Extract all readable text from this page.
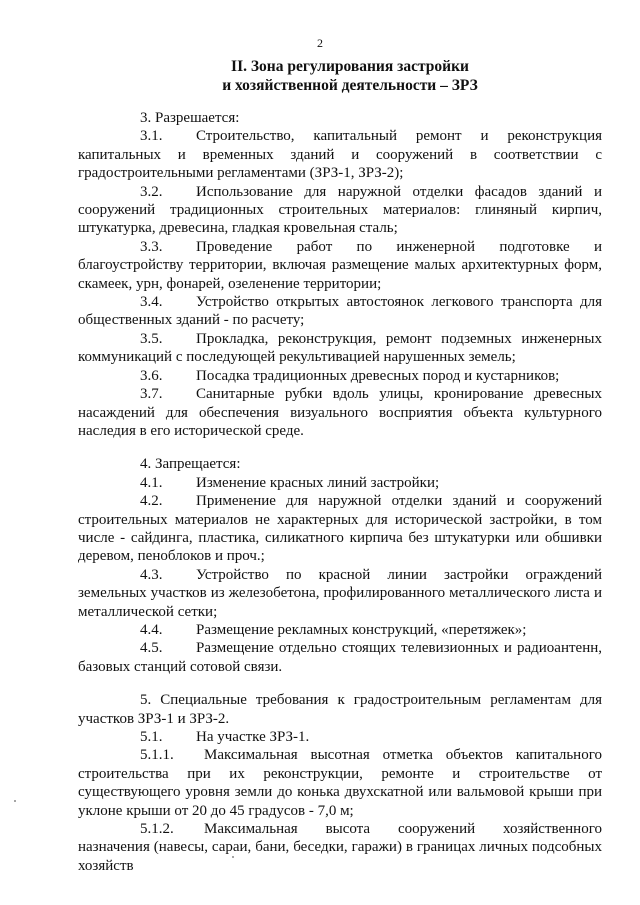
2
II. Зона регулирования застройки
и хозяйственной деятельности – ЗРЗ

3. Разрешается:

3.1. Строительство, капитальный ремонт и реконструкция капитальных и временных зданий и сооружений в соответствии с градостроительными регламентами (ЗРЗ-1, ЗРЗ-2);

3.2. Использование для наружной отделки фасадов зданий и сооружений традиционных строительных материалов: глиняный кирпич, штукатурка, древесина, гладкая кровельная сталь;

3.3. Проведение работ по инженерной подготовке и благоустройству территории, включая размещение малых архитектурных форм, скамеек, урн, фонарей, озеленение территории;

3.4. Устройство открытых автостоянок легкового транспорта для общественных зданий - по расчету;

3.5. Прокладка, реконструкция, ремонт подземных инженерных коммуникаций с последующей рекультивацией нарушенных земель;

3.6. Посадка традиционных древесных пород и кустарников;

3.7. Санитарные рубки вдоль улицы, кронирование древесных насаждений для обеспечения визуального восприятия объекта культурного наследия в его исторической среде.

4. Запрещается:

4.1. Изменение красных линий застройки;

4.2. Применение для наружной отделки зданий и сооружений строительных материалов не характерных для исторической застройки, в том числе - сайдинга, пластика, силикатного кирпича без штукатурки или обшивки деревом, пеноблоков и проч.;

4.3. Устройство по красной линии застройки ограждений земельных участков из железобетона, профилированного металлического листа и металлической сетки;

4.4. Размещение рекламных конструкций, «перетяжек»;

4.5. Размещение отдельно стоящих телевизионных и радиоантенн, базовых станций сотовой связи.

5. Специальные требования к градостроительным регламентам для участков ЗРЗ-1 и ЗРЗ-2.

5.1. На участке ЗРЗ-1.

5.1.1. Максимальная высотная отметка объектов капитального строительства при их реконструкции, ремонте и строительстве от существующего уровня земли до конька двухскатной или вальмовой крыши при уклоне крыши от 20 до 45 градусов - 7,0 м;

5.1.2. Максимальная высота сооружений хозяйственного назначения (навесы, сараи, бани, беседки, гаражи) в границах личных подсобных хозяйств
